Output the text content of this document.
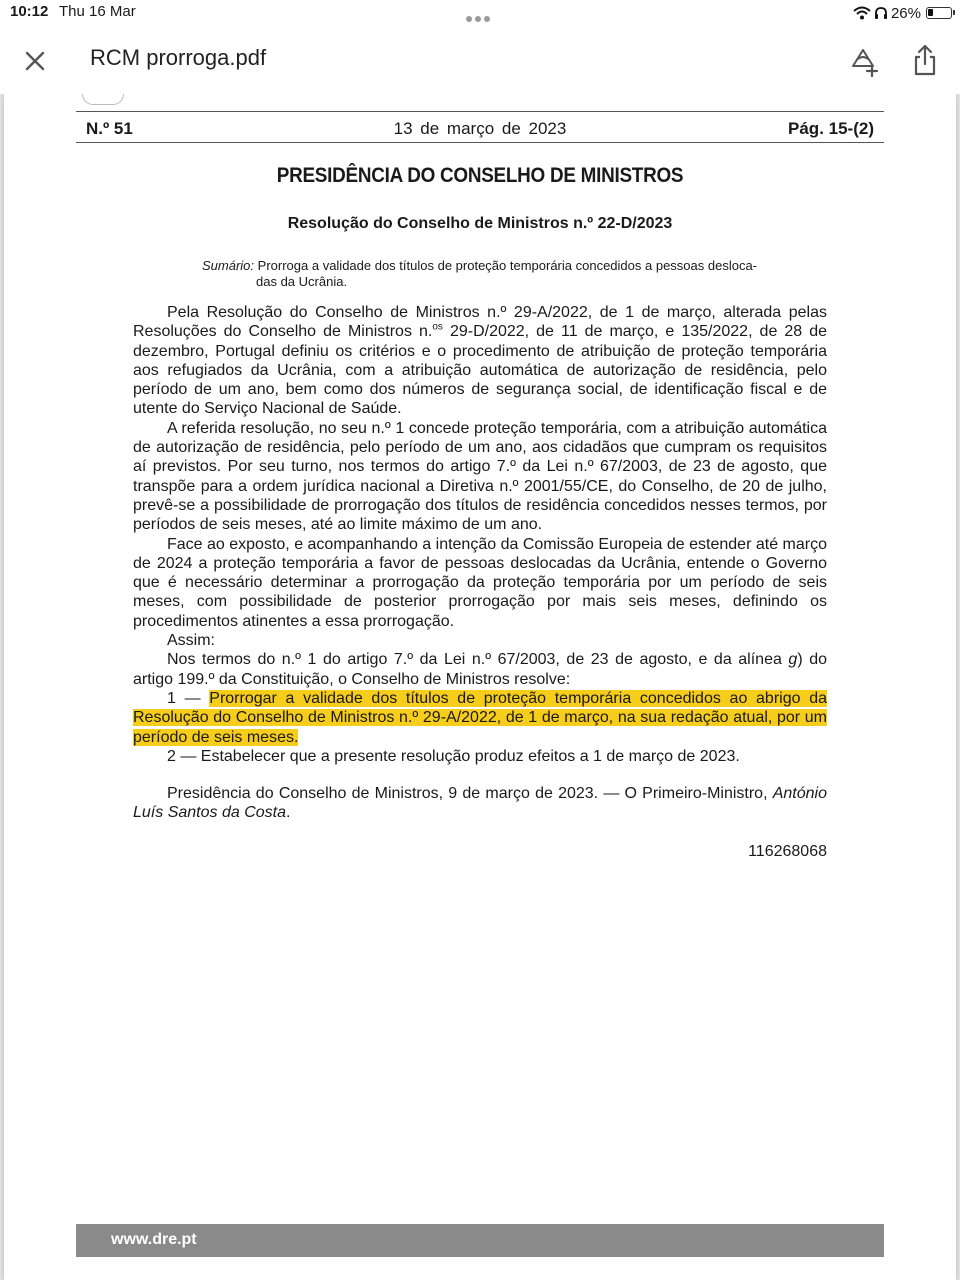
10:12 Thu 16 Mar	26%
RCM prorroga.pdf
N.º 51	13 de março de 2023	Pág. 15-(2)
PRESIDÊNCIA DO CONSELHO DE MINISTROS
Resolução do Conselho de Ministros n.º 22-D/2023
Sumário: Prorroga a validade dos títulos de proteção temporária concedidos a pessoas desloca-
das da Ucrânia.

Pela Resolução do Conselho de Ministros n.º 29-A/2022, de 1 de março, alterada pelas Resoluções do Conselho de Ministros n.$^{os}$ 29-D/2022, de 11 de março, e 135/2022, de 28 de dezembro, Portugal definiu os critérios e o procedimento de atribuição de proteção temporária aos refugiados da Ucrânia, com a atribuição automática de autorização de residência, pelo período de um ano, bem como dos números de segurança social, de identificação fiscal e de utente do Serviço Nacional de Saúde.

A referida resolução, no seu n.º 1 concede proteção temporária, com a atribuição automática de autorização de residência, pelo período de um ano, aos cidadãos que cumpram os requisitos aí previstos. Por seu turno, nos termos do artigo 7.º da Lei n.º 67/2003, de 23 de agosto, que transpõe para a ordem jurídica nacional a Diretiva n.º 2001/55/CE, do Conselho, de 20 de julho, prevê-se a possibilidade de prorrogação dos títulos de residência concedidos nesses termos, por períodos de seis meses, até ao limite máximo de um ano.

Face ao exposto, e acompanhando a intenção da Comissão Europeia de estender até março de 2024 a proteção temporária a favor de pessoas deslocadas da Ucrânia, entende o Governo que é necessário determinar a prorrogação da proteção temporária por um período de seis meses, com possibilidade de posterior prorrogação por mais seis meses, definindo os procedimentos atinentes a essa prorrogação.

Assim:

Nos termos do n.º 1 do artigo 7.º da Lei n.º 67/2003, de 23 de agosto, e da alínea g) do artigo 199.º da Constituição, o Conselho de Ministros resolve:

1 — Prorrogar a validade dos títulos de proteção temporária concedidos ao abrigo da Resolução do Conselho de Ministros n.º 29-A/2022, de 1 de março, na sua redação atual, por um período de seis meses.

2 — Estabelecer que a presente resolução produz efeitos a 1 de março de 2023.

Presidência do Conselho de Ministros, 9 de março de 2023. — O Primeiro-Ministro, António Luís Santos da Costa.

116268068

www.dre.pt
